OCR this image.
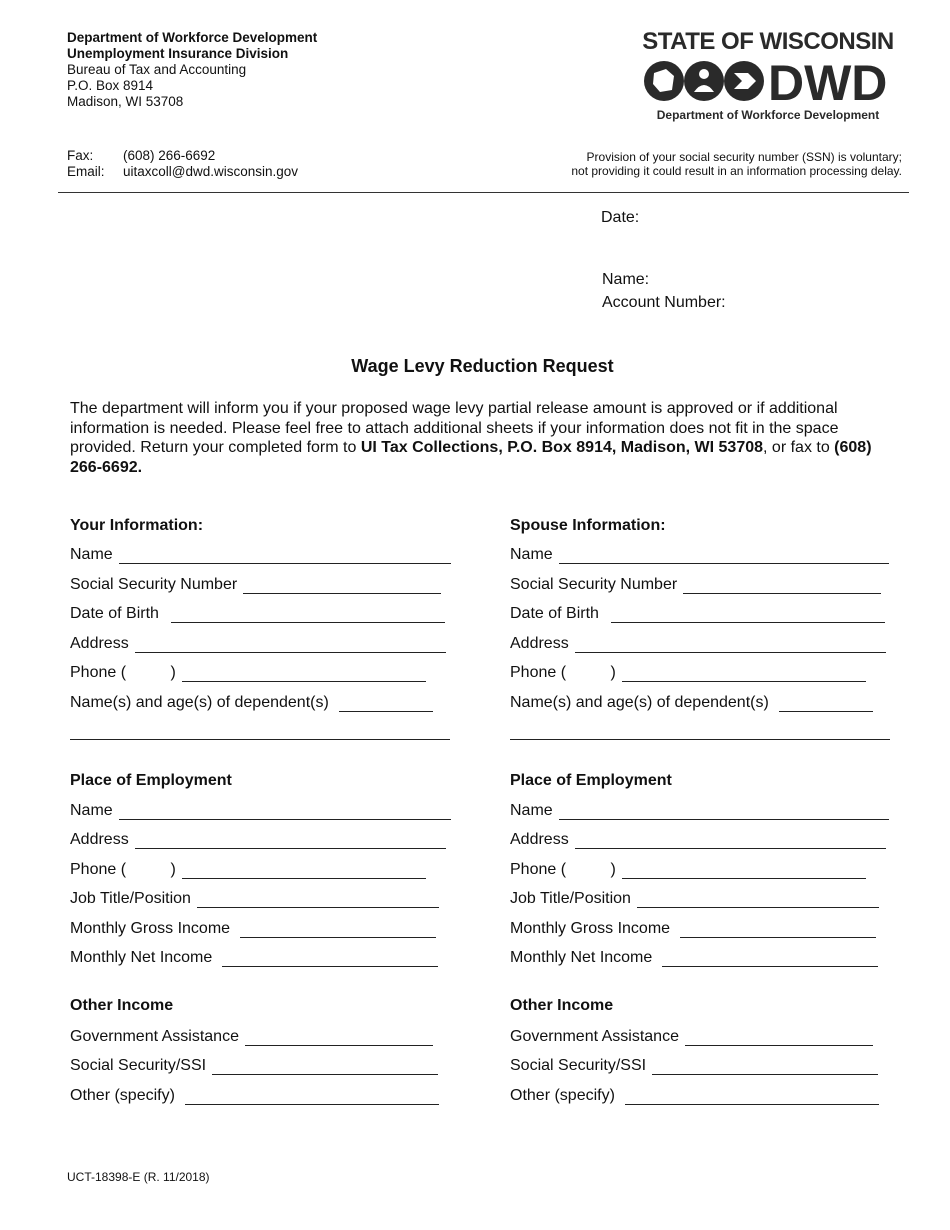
Department of Workforce Development
Unemployment Insurance Division
Bureau of Tax and Accounting
P.O. Box 8914
Madison, WI 53708
Fax:	(608) 266-6692
Email:	uitaxcoll@dwd.wisconsin.gov
STATE OF WISCONSIN
DWD
Department of Workforce Development
Provision of your social security number (SSN) is voluntary;
not providing it could result in an information processing delay.
Date:
Name:
Account Number:
Wage Levy Reduction Request
The department will inform you if your proposed wage levy partial release amount is approved or if additional information is needed. Please feel free to attach additional sheets if your information does not fit in the space provided. Return your completed form to UI Tax Collections, P.O. Box 8914, Madison, WI 53708, or fax to (608) 266-6692.
Your Information:
Name
Social Security Number
Date of Birth
Address
Phone (          )
Name(s) and age(s) of dependent(s)
Place of Employment
Name
Address
Phone (          )
Job Title/Position
Monthly Gross Income
Monthly Net Income
Other Income
Government Assistance
Social Security/SSI
Other (specify)
Spouse Information:
Name
Social Security Number
Date of Birth
Address
Phone (          )
Name(s) and age(s) of dependent(s)
Place of Employment
Name
Address
Phone (          )
Job Title/Position
Monthly Gross Income
Monthly Net Income
Other Income
Government Assistance
Social Security/SSI
Other (specify)
UCT-18398-E (R. 11/2018)
